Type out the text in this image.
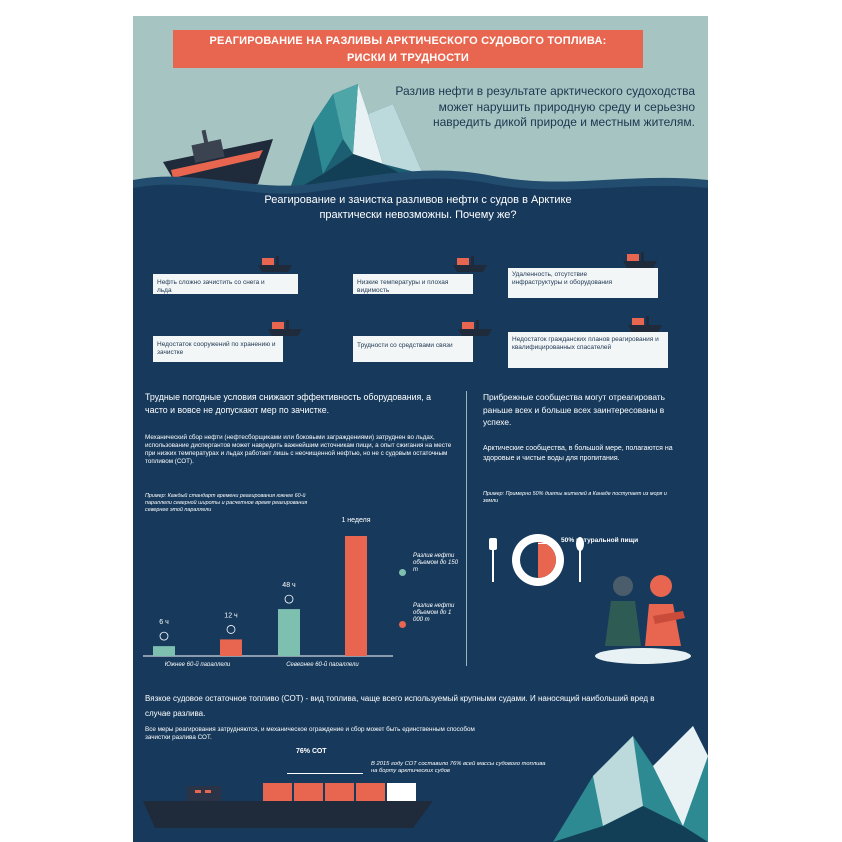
РЕАГИРОВАНИЕ НА РАЗЛИВЫ АРКТИЧЕСКОГО СУДОВОГО ТОПЛИВА:
РИСКИ И ТРУДНОСТИ
Разлив нефти в результате арктического судоходства может нарушить природную среду и серьезно навредить дикой природе и местным жителям.
Реагирование и зачистка разливов нефти с судов в Арктике практически невозможны. Почему же?
Нефть сложно зачистить со снега и льда
Низкие температуры и плохая видимость
Удаленность, отсутствие инфраструктуры и оборудования
Недостаток сооружений по хранению и зачистке
Трудности со средствами связи
Недостаток гражданских планов реагирования и квалифицированных спасателей
Трудные погодные условия снижают эффективность оборудования, а часто и вовсе не допускают мер по зачистке.
Механический сбор нефти (нефтесборщиками или боковыми заграждениями) затруднен во льдах, использование диспергантов может навредить важнейшим источникам пищи, а опыт сжигания на месте при низких температурах и льдах работает лишь с неочищенной нефтью, но не с судовым остаточным топливом (СОТ).
Пример: Каждый стандарт времени реагирования южнее 60-й параллели северной широты и расчетное время реагирования севернее этой параллели
6 ч
12 ч
Южнее 60-й параллели
48 ч
1 неделя
Севернее 60-й параллели
Разлив нефти объемом до 150 т
Разлив нефти объемом до 1 000 т
Прибрежные сообщества могут отреагировать раньше всех и больше всех заинтересованы в успехе.
Арктические сообщества, в большой мере, полагаются на здоровые и чистые воды для пропитания.
Пример: Примерно 50% диеты жителей в Канаде поступает из моря и земли
50% натуральной пищи
Вязкое судовое остаточное топливо (СОТ) - вид топлива, чаще всего используемый крупными судами. И наносящий наибольший вред в случае разлива.
Все меры реагирования затрудняются, и механическое ограждение и сбор может быть единственным способом зачистки разлива СОТ.
В 2015 году СОТ составило 76% всей массы судового топлива на борту арктических судов
76% СОТ
